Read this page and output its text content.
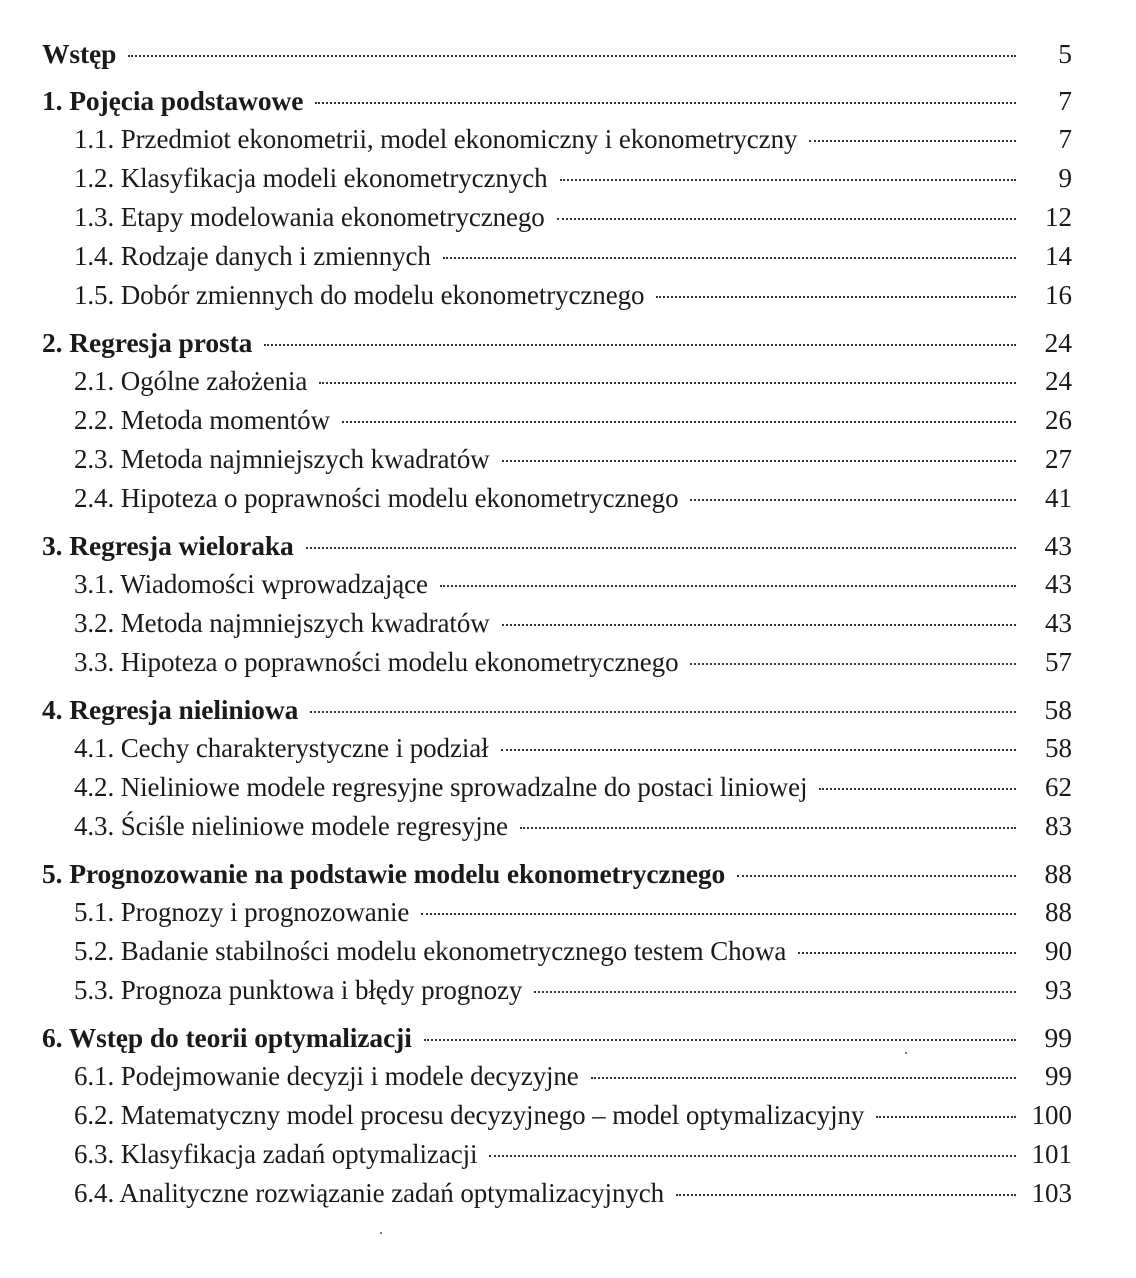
Wstęp	5
1. Pojęcia podstawowe	7
1.1. Przedmiot ekonometrii, model ekonomiczny i ekonometryczny	7
1.2. Klasyfikacja modeli ekonometrycznych	9
1.3. Etapy modelowania ekonometrycznego	12
1.4. Rodzaje danych i zmiennych	14
1.5. Dobór zmiennych do modelu ekonometrycznego	16
2. Regresja prosta	24
2.1. Ogólne założenia	24
2.2. Metoda momentów	26
2.3. Metoda najmniejszych kwadratów	27
2.4. Hipoteza o poprawności modelu ekonometrycznego	41
3. Regresja wieloraka	43
3.1. Wiadomości wprowadzające	43
3.2. Metoda najmniejszych kwadratów	43
3.3. Hipoteza o poprawności modelu ekonometrycznego	57
4. Regresja nieliniowa	58
4.1. Cechy charakterystyczne i podział	58
4.2. Nieliniowe modele regresyjne sprowadzalne do postaci liniowej	62
4.3. Ściśle nieliniowe modele regresyjne	83
5. Prognozowanie na podstawie modelu ekonometrycznego	88
5.1. Prognozy i prognozowanie	88
5.2. Badanie stabilności modelu ekonometrycznego testem Chowa	90
5.3. Prognoza punktowa i błędy prognozy	93
6. Wstęp do teorii optymalizacji	99
6.1. Podejmowanie decyzji i modele decyzyjne	99
6.2. Matematyczny model procesu decyzyjnego – model optymalizacyjny	100
6.3. Klasyfikacja zadań optymalizacji	101
6.4. Analityczne rozwiązanie zadań optymalizacyjnych	103
